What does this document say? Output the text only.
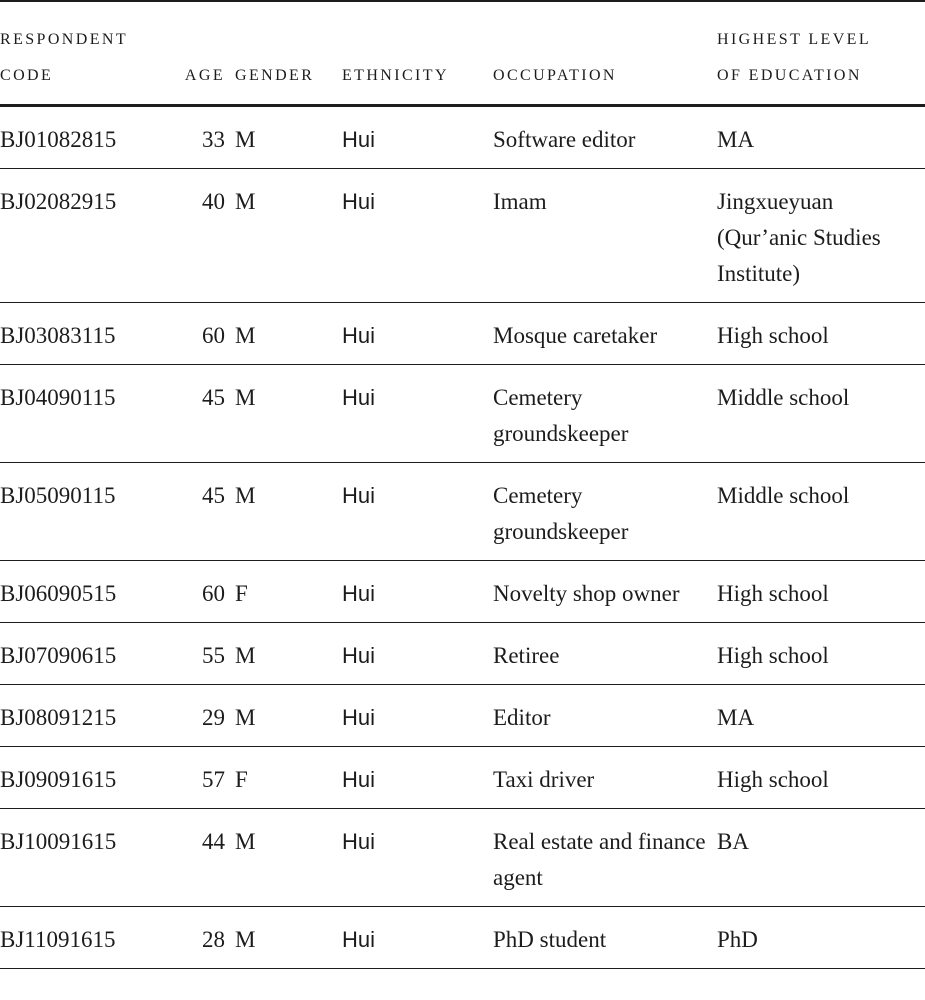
RESPONDENT
CODE	AGE	GENDER	ETHNICITY	OCCUPATION	HIGHEST LEVEL
OF EDUCATION
BJ01082815	33	M	Hui	Software editor	MA
BJ02082915	40	M	Hui	Imam	Jingxueyuan (Qur’anic Studies Institute)
BJ03083115	60	M	Hui	Mosque caretaker	High school
BJ04090115	45	M	Hui	Cemetery groundskeeper	Middle school
BJ05090115	45	M	Hui	Cemetery groundskeeper	Middle school
BJ06090515	60	F	Hui	Novelty shop owner	High school
BJ07090615	55	M	Hui	Retiree	High school
BJ08091215	29	M	Hui	Editor	MA
BJ09091615	57	F	Hui	Taxi driver	High school
BJ10091615	44	M	Hui	Real estate and finance agent	BA
BJ11091615	28	M	Hui	PhD student	PhD
